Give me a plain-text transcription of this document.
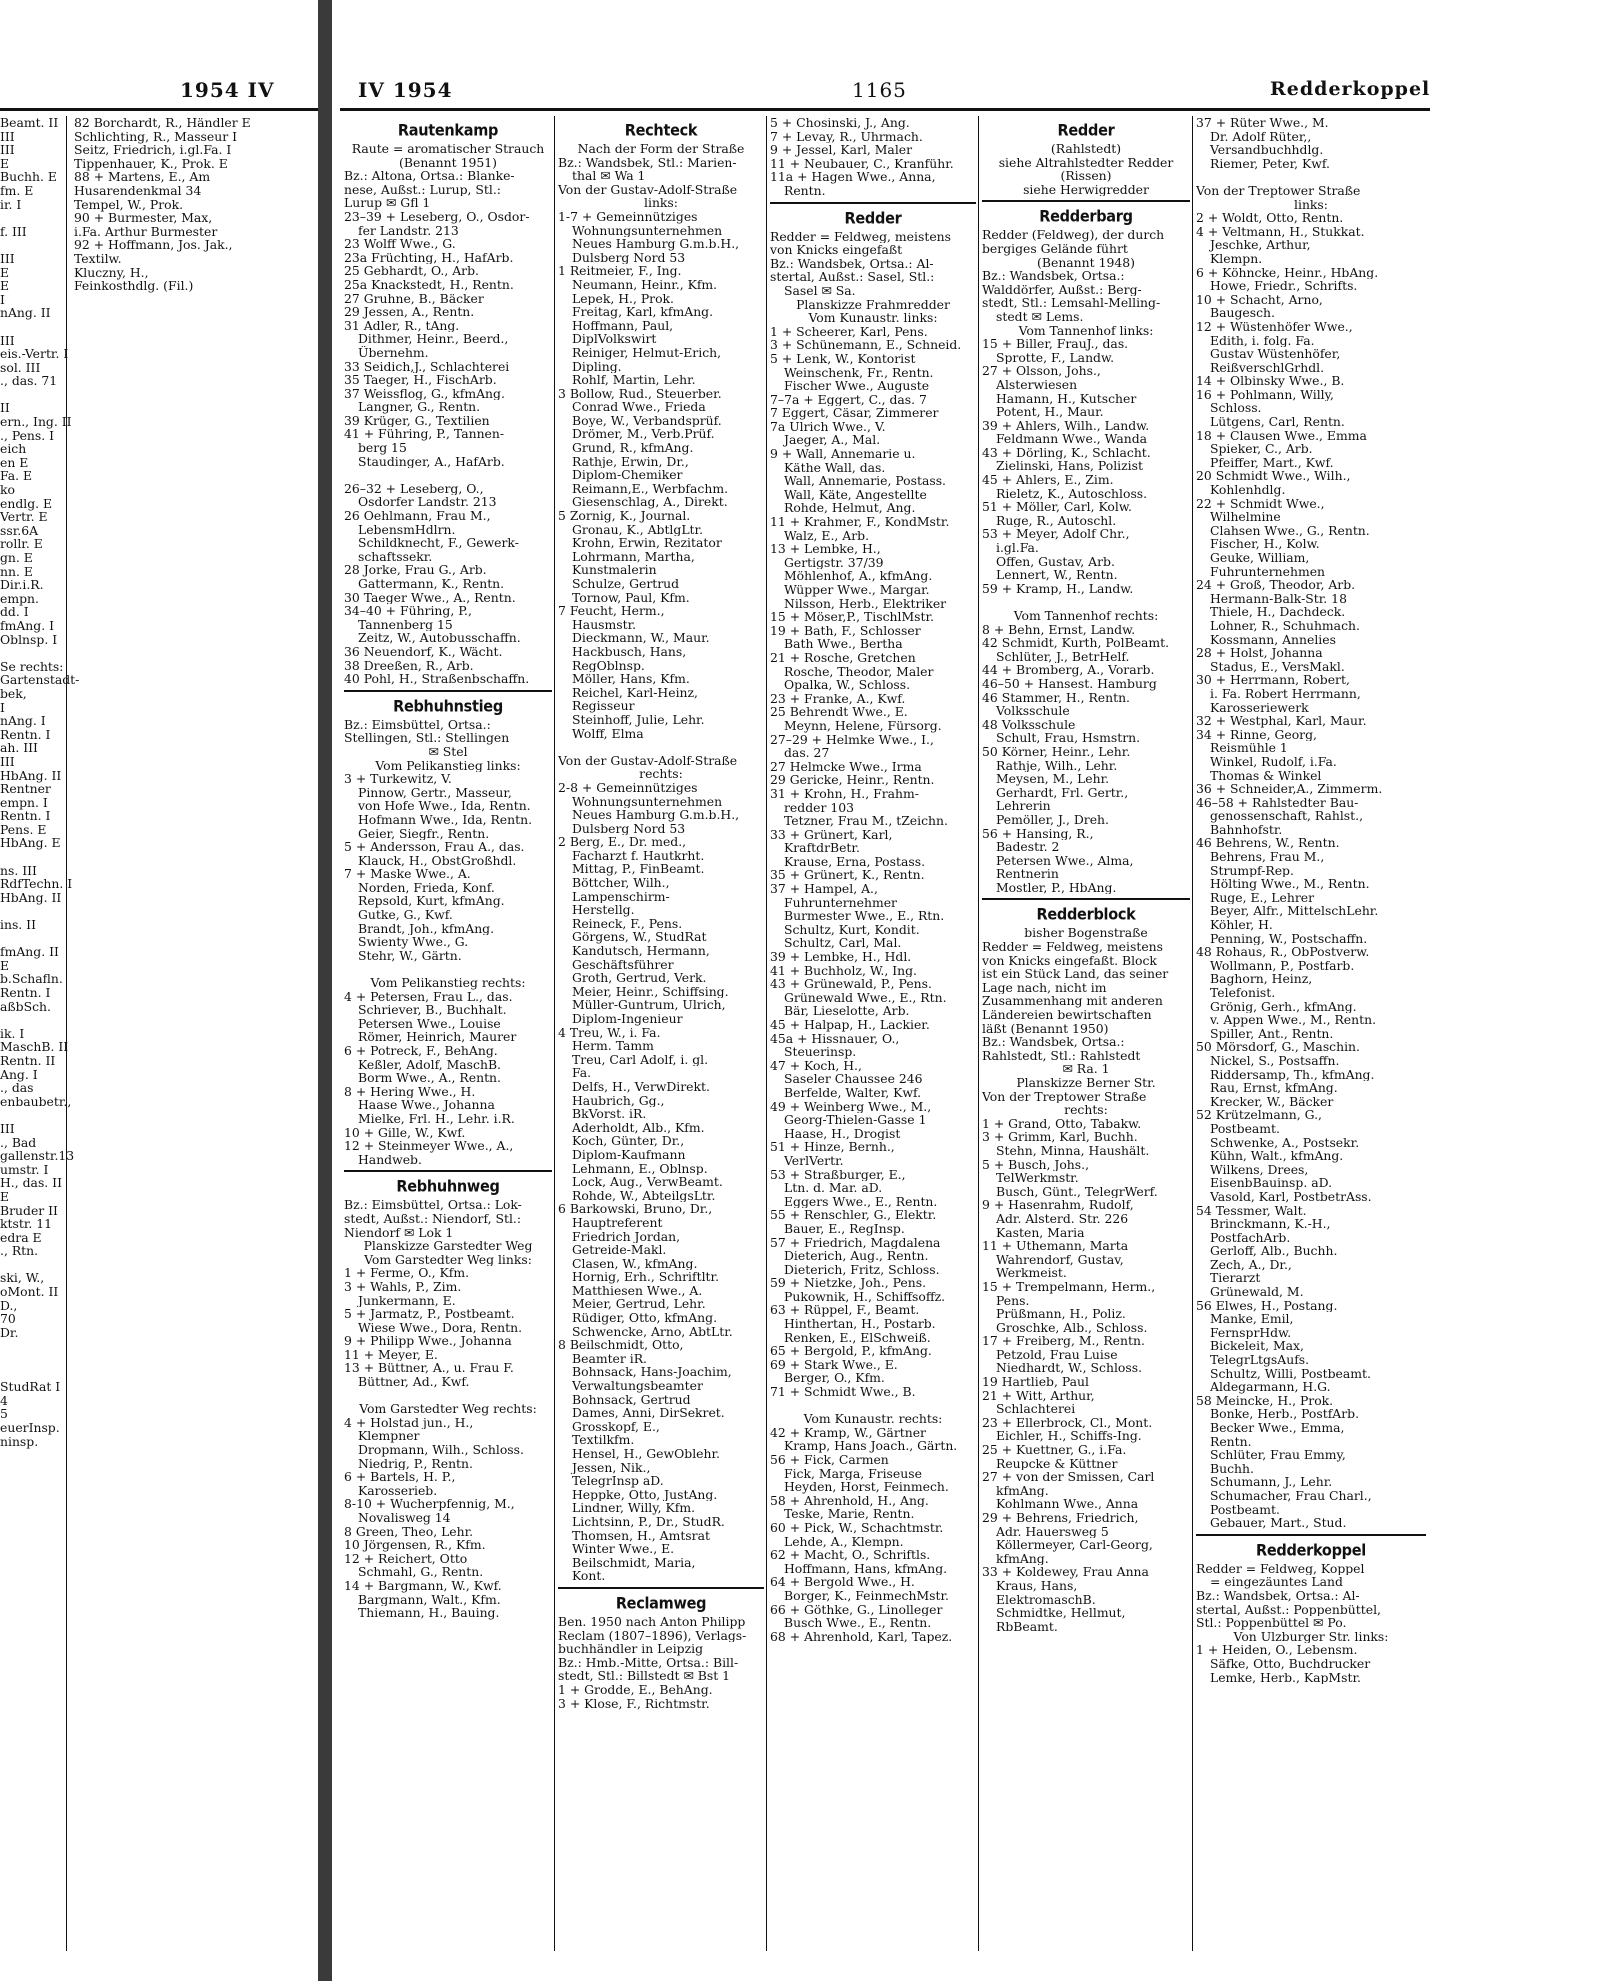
1954 IV
Beamt. II
III
III
E
Buchh. E
fm. E
ir. I

f. III

III
E
E
I
nAng. II

III
eis.-Vertr. I
sol. III
., das. 71

II
ern., Ing. II
., Pens. I
eich
en E
Fa. E
ko
endlg. E
Vertr. E
ssr.6A
rollr. E
gn. E
nn. E
Dir.i.R.
empn.
dd. I
fmAng. I
Oblnsp. I

Se rechts:
Gartenstadt-
bek,
I
nAng. I
Rentn. I
ah. III
III
HbAng. II
Rentner
empn. I
Rentn. I
Pens. E
HbAng. E

ns. III
RdfTechn. I
HbAng. II

ins. II

fmAng. II
E
b.Schafln.
Rentn. I
aßbSch.

ik. I
MaschB. II
Rentn. II
Ang. I
., das
enbaubetr.,

III
., Bad
gallenstr.13
umstr. I
H., das. II
E
Bruder II
ktstr. 11
edra E
., Rtn.

ski, W.,
oMont. II
D.,
70
Dr.

StudRat I
4
5
euerInsp.
ninsp.
82 Borchardt, R., Händler E
Schlichting, R., Masseur I
Seitz, Friedrich, i.gl.Fa. I
Tippenhauer, K., Prok. E
88 + Martens, E., Am
Husarendenkmal 34
Tempel, W., Prok.
90 + Burmester, Max,
i.Fa. Arthur Burmester
92 + Hoffmann, Jos. Jak.,
Textilw.
Kluczny, H.,
Feinkosthdlg. (Fil.)
IV 1954	1165	Redderkoppel
Rautenkamp
Raute = aromatischer Strauch
(Benannt 1951)
Bz.: Altona, Ortsa.: Blanke-
nese, Außst.: Lurup, Stl.:
Lurup ✉ Gfl 1
23–39 + Leseberg, O., Osdor-
fer Landstr. 213
23 Wolff Wwe., G.
23a Früchting, H., HafArb.
25 Gebhardt, O., Arb.
25a Knackstedt, H., Rentn.
27 Gruhne, B., Bäcker
29 Jessen, A., Rentn.
31 Adler, R., tAng.
Dithmer, Heinr., Beerd.,
Übernehm.
33 Seidich,J., Schlachterei
35 Taeger, H., FischArb.
37 Weissflog, G., kfmAng.
Langner, G., Rentn.
39 Krüger, G., Textilien
41 + Führing, P., Tannen-
berg 15
Staudinger, A., HafArb.

26–32 + Leseberg, O.,
Osdorfer Landstr. 213
26 Oehlmann, Frau M.,
LebensmHdlrn.
Schildknecht, F., Gewerk-
schaftssekr.
28 Jorke, Frau G., Arb.
Gattermann, K., Rentn.
30 Taeger Wwe., A., Rentn.
34–40 + Führing, P.,
Tannenberg 15
Zeitz, W., Autobusschaffn.
36 Neuendorf, K., Wächt.
38 Dreeßen, R., Arb.
40 Pohl, H., Straßenbschaffn.
Rebhuhnstieg
Bz.: Eimsbüttel, Ortsa.:
Stellingen, Stl.: Stellingen
✉ Stel
Vom Pelikanstieg links:
3 + Turkewitz, V.
Pinnow, Gertr., Masseur,
von Hofe Wwe., Ida, Rentn.
Hofmann Wwe., Ida, Rentn.
Geier, Siegfr., Rentn.
5 + Andersson, Frau A., das.
Klauck, H., ObstGroßhdl.
7 + Maske Wwe., A.
Norden, Frieda, Konf.
Repsold, Kurt, kfmAng.
Gutke, G., Kwf.
Brandt, Joh., kfmAng.
Swienty Wwe., G.
Stehr, W., Gärtn.

Vom Pelikanstieg rechts:
4 + Petersen, Frau L., das.
Schriever, B., Buchhalt.
Petersen Wwe., Louise
Römer, Heinrich, Maurer
6 + Potreck, F., BehAng.
Keßler, Adolf, MaschB.
Borm Wwe., A., Rentn.
8 + Hering Wwe., H.
Haase Wwe., Johanna
Mielke, Frl. H., Lehr. i.R.
10 + Gille, W., Kwf.
12 + Steinmeyer Wwe., A.,
Handweb.
Rebhuhnweg
Bz.: Eimsbüttel, Ortsa.: Lok-
stedt, Außst.: Niendorf, Stl.:
Niendorf ✉ Lok 1
Planskizze Garstedter Weg
Vom Garstedter Weg links:
1 + Ferme, O., Kfm.
3 + Wahls, P., Zim.
Junkermann, E.
5 + Jarmatz, P., Postbeamt.
Wiese Wwe., Dora, Rentn.
9 + Philipp Wwe., Johanna
11 + Meyer, E.
13 + Büttner, A., u. Frau F.
Büttner, Ad., Kwf.

Vom Garstedter Weg rechts:
4 + Holstad jun., H.,
Klempner
Dropmann, Wilh., Schloss.
Niedrig, P., Rentn.
6 + Bartels, H. P.,
Karosserieb.
8-10 + Wucherpfennig, M.,
Novalisweg 14
8 Green, Theo, Lehr.
10 Jörgensen, R., Kfm.
12 + Reichert, Otto
Schmahl, G., Rentn.
14 + Bargmann, W., Kwf.
Bargmann, Walt., Kfm.
Thiemann, H., Bauing.
Rechteck
Nach der Form der Straße
Bz.: Wandsbek, Stl.: Marien-
thal ✉ Wa 1
Von der Gustav-Adolf-Straße
links:
1-7 + Gemeinnütziges
Wohnungsunternehmen
Neues Hamburg G.m.b.H.,
Dulsberg Nord 53
1 Reitmeier, F., Ing.
Neumann, Heinr., Kfm.
Lepek, H., Prok.
Freitag, Karl, kfmAng.
Hoffmann, Paul,
DiplVolkswirt
Reiniger, Helmut-Erich,
Dipling.
Rohlf, Martin, Lehr.
3 Bollow, Rud., Steuerber.
Conrad Wwe., Frieda
Boye, W., Verbandsprüf.
Drömer, M., Verb.Prüf.
Grund, R., kfmAng.
Rathje, Erwin, Dr.,
Diplom-Chemiker
Reimann,E., Werbfachm.
Giesenschlag, A., Direkt.
5 Zornig, K., Journal.
Gronau, K., AbtlgLtr.
Krohn, Erwin, Rezitator
Lohrmann, Martha,
Kunstmalerin
Schulze, Gertrud
Tornow, Paul, Kfm.
7 Feucht, Herm.,
Hausmstr.
Dieckmann, W., Maur.
Hackbusch, Hans,
RegOblnsp.
Möller, Hans, Kfm.
Reichel, Karl-Heinz,
Regisseur
Steinhoff, Julie, Lehr.
Wolff, Elma

Von der Gustav-Adolf-Straße
rechts:
2-8 + Gemeinnütziges
Wohnungsunternehmen
Neues Hamburg G.m.b.H.,
Dulsberg Nord 53
2 Berg, E., Dr. med.,
Facharzt f. Hautkrht.
Mittag, P., FinBeamt.
Böttcher, Wilh.,
Lampenschirm-
Herstellg.
Reineck, F., Pens.
Görgens, W., StudRat
Kandutsch, Hermann,
Geschäftsführer
Groth, Gertrud, Verk.
Meier, Heinr., Schiffsing.
Müller-Guntrum, Ulrich,
Diplom-Ingenieur
4 Treu, W., i. Fa.
Herm. Tamm
Treu, Carl Adolf, i. gl.
Fa.
Delfs, H., VerwDirekt.
Haubrich, Gg.,
BkVorst. iR.
Aderholdt, Alb., Kfm.
Koch, Günter, Dr.,
Diplom-Kaufmann
Lehmann, E., Oblnsp.
Lock, Aug., VerwBeamt.
Rohde, W., AbteilgsLtr.
6 Barkowski, Bruno, Dr.,
Hauptreferent
Friedrich Jordan,
Getreide-Makl.
Clasen, W., kfmAng.
Hornig, Erh., Schriftltr.
Matthiesen Wwe., A.
Meier, Gertrud, Lehr.
Rüdiger, Otto, kfmAng.
Schwencke, Arno, AbtLtr.
8 Beilschmidt, Otto,
Beamter iR.
Bohnsack, Hans-Joachim,
Verwaltungsbeamter
Bohnsack, Gertrud
Dames, Anni, DirSekret.
Grosskopf, E.,
Textilkfm.
Hensel, H., GewOblehr.
Jessen, Nik.,
TelegrInsp aD.
Heppke, Otto, JustAng.
Lindner, Willy, Kfm.
Lichtsinn, P., Dr., StudR.
Thomsen, H., Amtsrat
Winter Wwe., E.
Beilschmidt, Maria,
Kont.
Reclamweg
Ben. 1950 nach Anton Philipp
Reclam (1807–1896), Verlags-
buchhändler in Leipzig
Bz.: Hmb.-Mitte, Ortsa.: Bill-
stedt, Stl.: Billstedt ✉ Bst 1
1 + Grodde, E., BehAng.
3 + Klose, F., Richtmstr.
5 + Chosinski, J., Ang.
7 + Levay, R., Uhrmach.
9 + Jessel, Karl, Maler
11 + Neubauer, C., Kranführ.
11a + Hagen Wwe., Anna,
Rentn.
Redder
Redder = Feldweg, meistens
von Knicks eingefaßt
Bz.: Wandsbek, Ortsa.: Al-
stertal, Außst.: Sasel, Stl.:
Sasel ✉ Sa.
Planskizze Frahmredder
Vom Kunaustr. links:
1 + Scheerer, Karl, Pens.
3 + Schünemann, E., Schneid.
5 + Lenk, W., Kontorist
Weinschenk, Fr., Rentn.
Fischer Wwe., Auguste
7–7a + Eggert, C., das. 7
7 Eggert, Cäsar, Zimmerer
7a Ulrich Wwe., V.
Jaeger, A., Mal.
9 + Wall, Annemarie u.
Käthe Wall, das.
Wall, Annemarie, Postass.
Wall, Käte, Angestellte
Rohde, Helmut, Ang.
11 + Krahmer, F., KondMstr.
Walz, E., Arb.
13 + Lembke, H.,
Gertigstr. 37/39
Möhlenhof, A., kfmAng.
Wüpper Wwe., Margar.
Nilsson, Herb., Elektriker
15 + Möser,P., TischlMstr.
19 + Bath, F., Schlosser
Bath Wwe., Bertha
21 + Rosche, Gretchen
Rosche, Theodor, Maler
Opalka, W., Schloss.
23 + Franke, A., Kwf.
25 Behrendt Wwe., E.
Meynn, Helene, Fürsorg.
27–29 + Helmke Wwe., I.,
das. 27
27 Helmcke Wwe., Irma
29 Gericke, Heinr., Rentn.
31 + Krohn, H., Frahm-
redder 103
Tetzner, Frau M., tZeichn.
33 + Grünert, Karl,
KraftdrBetr.
Krause, Erna, Postass.
35 + Grünert, K., Rentn.
37 + Hampel, A.,
Fuhrunternehmer
Burmester Wwe., E., Rtn.
Schultz, Kurt, Kondit.
Schultz, Carl, Mal.
39 + Lembke, H., Hdl.
41 + Buchholz, W., Ing.
43 + Grünewald, P., Pens.
Grünewald Wwe., E., Rtn.
Bär, Lieselotte, Arb.
45 + Halpap, H., Lackier.
45a + Hissnauer, O.,
Steuerinsp.
47 + Koch, H.,
Saseler Chaussee 246
Berfelde, Walter, Kwf.
49 + Weinberg Wwe., M.,
Georg-Thielen-Gasse 1
Haase, H., Drogist
51 + Hinze, Bernh.,
VerlVertr.
53 + Straßburger, E.,
Ltn. d. Mar. aD.
Eggers Wwe., E., Rentn.
55 + Renschler, G., Elektr.
Bauer, E., RegInsp.
57 + Friedrich, Magdalena
Dieterich, Aug., Rentn.
Dieterich, Fritz, Schloss.
59 + Nietzke, Joh., Pens.
Pukownik, H., Schiffsoffz.
63 + Rüppel, F., Beamt.
Hinthertan, H., Postarb.
Renken, E., ElSchweiß.
65 + Bergold, P., kfmAng.
69 + Stark Wwe., E.
Berger, O., Kfm.
71 + Schmidt Wwe., B.

Vom Kunaustr. rechts:
42 + Kramp, W., Gärtner
Kramp, Hans Joach., Gärtn.
56 + Fick, Carmen
Fick, Marga, Friseuse
Heyden, Horst, Feinmech.
58 + Ahrenhold, H., Ang.
Teske, Marie, Rentn.
60 + Pick, W., Schachtmstr.
Lehde, A., Klempn.
62 + Macht, O., Schriftls.
Hoffmann, Hans, kfmAng.
64 + Bergold Wwe., H.
Borger, K., FeinmechMstr.
66 + Göthke, G., Linolleger
Busch Wwe., E., Rentn.
68 + Ahrenhold, Karl, Tapez.
Redder
(Rahlstedt)
siehe Altrahlstedter Redder
(Rissen)
siehe Herwigredder
Redderbarg
Redder (Feldweg), der durch
bergiges Gelände führt
(Benannt 1948)
Bz.: Wandsbek, Ortsa.:
Walddörfer, Außst.: Berg-
stedt, Stl.: Lemsahl-Melling-
stedt ✉ Lems.
Vom Tannenhof links:
15 + Biller, FrauJ., das.
Sprotte, F., Landw.
27 + Olsson, Johs.,
Alsterwiesen
Hamann, H., Kutscher
Potent, H., Maur.
39 + Ahlers, Wilh., Landw.
Feldmann Wwe., Wanda
43 + Dörling, K., Schlacht.
Zielinski, Hans, Polizist
45 + Ahlers, E., Zim.
Rieletz, K., Autoschloss.
51 + Möller, Carl, Kolw.
Ruge, R., Autoschl.
53 + Meyer, Adolf Chr.,
i.gl.Fa.
Offen, Gustav, Arb.
Lennert, W., Rentn.
59 + Kramp, H., Landw.

Vom Tannenhof rechts:
8 + Behn, Ernst, Landw.
42 Schmidt, Kurth, PolBeamt.
Schlüter, J., BetrHelf.
44 + Bromberg, A., Vorarb.
46–50 + Hansest. Hamburg
46 Stammer, H., Rentn.
Volksschule
48 Volksschule
Schult, Frau, Hsmstrn.
50 Körner, Heinr., Lehr.
Rathje, Wilh., Lehr.
Meysen, M., Lehr.
Gerhardt, Frl. Gertr.,
Lehrerin
Pemöller, J., Dreh.
56 + Hansing, R.,
Badestr. 2
Petersen Wwe., Alma,
Rentnerin
Mostler, P., HbAng.
Redderblock
bisher Bogenstraße
Redder = Feldweg, meistens
von Knicks eingefaßt. Block
ist ein Stück Land, das seiner
Lage nach, nicht im
Zusammenhang mit anderen
Ländereien bewirtschaften
läßt (Benannt 1950)
Bz.: Wandsbek, Ortsa.:
Rahlstedt, Stl.: Rahlstedt
✉ Ra. 1
Planskizze Berner Str.
Von der Treptower Straße
rechts:
1 + Grand, Otto, Tabakw.
3 + Grimm, Karl, Buchh.
Stehn, Minna, Haushält.
5 + Busch, Johs.,
TelWerkmstr.
Busch, Günt., TelegrWerf.
9 + Hasenrahm, Rudolf,
Adr. Alsterd. Str. 226
Kasten, Maria
11 + Uthemann, Marta
Wahrendorf, Gustav,
Werkmeist.
15 + Trempelmann, Herm.,
Pens.
Prüßmann, H., Poliz.
Groschke, Alb., Schloss.
17 + Freiberg, M., Rentn.
Petzold, Frau Luise
Niedhardt, W., Schloss.
19 Hartlieb, Paul
21 + Witt, Arthur,
Schlachterei
23 + Ellerbrock, Cl., Mont.
Eichler, H., Schiffs-Ing.
25 + Kuettner, G., i.Fa.
Reupcke & Küttner
27 + von der Smissen, Carl
kfmAng.
Kohlmann Wwe., Anna
29 + Behrens, Friedrich,
Adr. Hauersweg 5
Köllermeyer, Carl-Georg,
kfmAng.
33 + Koldewey, Frau Anna
Kraus, Hans,
ElektromaschB.
Schmidtke, Hellmut,
RbBeamt.
37 + Rüter Wwe., M.
Dr. Adolf Rüter,,
Versandbuchhdlg.
Riemer, Peter, Kwf.

Von der Treptower Straße
links:
2 + Woldt, Otto, Rentn.
4 + Veltmann, H., Stukkat.
Jeschke, Arthur,
Klempn.
6 + Köhncke, Heinr., HbAng.
Howe, Friedr., Schrifts.
10 + Schacht, Arno,
Baugesch.
12 + Wüstenhöfer Wwe.,
Edith, i. folg. Fa.
Gustav Wüstenhöfer,
ReißverschlGrhdl.
14 + Olbinsky Wwe., B.
16 + Pohlmann, Willy,
Schloss.
Lütgens, Carl, Rentn.
18 + Clausen Wwe., Emma
Spieker, C., Arb.
Pfeiffer, Mart., Kwf.
20 Schmidt Wwe., Wilh.,
Kohlenhdlg.
22 + Schmidt Wwe.,
Wilhelmine
Clahsen Wwe., G., Rentn.
Fischer, H., Kolw.
Geuke, William,
Fuhrunternehmen
24 + Groß, Theodor, Arb.
Hermann-Balk-Str. 18
Thiele, H., Dachdeck.
Lohner, R., Schuhmach.
Kossmann, Annelies
28 + Holst, Johanna
Stadus, E., VersMakl.
30 + Herrmann, Robert,
i. Fa. Robert Herrmann,
Karosseriewerk
32 + Westphal, Karl, Maur.
34 + Rinne, Georg,
Reismühle 1
Winkel, Rudolf, i.Fa.
Thomas & Winkel
36 + Schneider,A., Zimmerm.
46–58 + Rahlstedter Bau-
genossenschaft, Rahlst.,
Bahnhofstr.
46 Behrens, W., Rentn.
Behrens, Frau M.,
Strumpf-Rep.
Hölting Wwe., M., Rentn.
Ruge, E., Lehrer
Beyer, Alfr., MittelschLehr.
Köhler, H.
Penning, W., Postschaffn.
48 Rohaus, R., ObPostverw.
Wollmann, P., Postfarb.
Baghorn, Heinz,
Telefonist.
Grönig, Gerh., kfmAng.
v. Appen Wwe., M., Rentn.
Spiller, Ant., Rentn.
50 Mörsdorf, G., Maschin.
Nickel, S., Postsaffn.
Riddersamp, Th., kfmAng.
Rau, Ernst, kfmAng.
Krecker, W., Bäcker
52 Krützelmann, G.,
Postbeamt.
Schwenke, A., Postsekr.
Kühn, Walt., kfmAng.
Wilkens, Drees,
EisenbBauinsp. aD.
Vasold, Karl, PostbetrAss.
54 Tessmer, Walt.
Brinckmann, K.-H.,
PostfachArb.
Gerloff, Alb., Buchh.
Zech, A., Dr.,
Tierarzt
Grünewald, M.
56 Elwes, H., Postang.
Manke, Emil,
FernsprHdw.
Bickeleit, Max,
TelegrLtgsAufs.
Schultz, Willi, Postbeamt.
Aldegarmann, H.G.
58 Meincke, H., Prok.
Bonke, Herb., PostfArb.
Becker Wwe., Emma,
Rentn.
Schlüter, Frau Emmy,
Buchh.
Schumann, J., Lehr.
Schumacher, Frau Charl.,
Postbeamt.
Gebauer, Mart., Stud.
Redderkoppel
Redder = Feldweg, Koppel
= eingezäuntes Land
Bz.: Wandsbek, Ortsa.: Al-
stertal, Außst.: Poppenbüttel,
Stl.: Poppenbüttel ✉ Po.
Von Ulzburger Str. links:
1 + Heiden, O., Lebensm.
Säfke, Otto, Buchdrucker
Lemke, Herb., KapMstr.
